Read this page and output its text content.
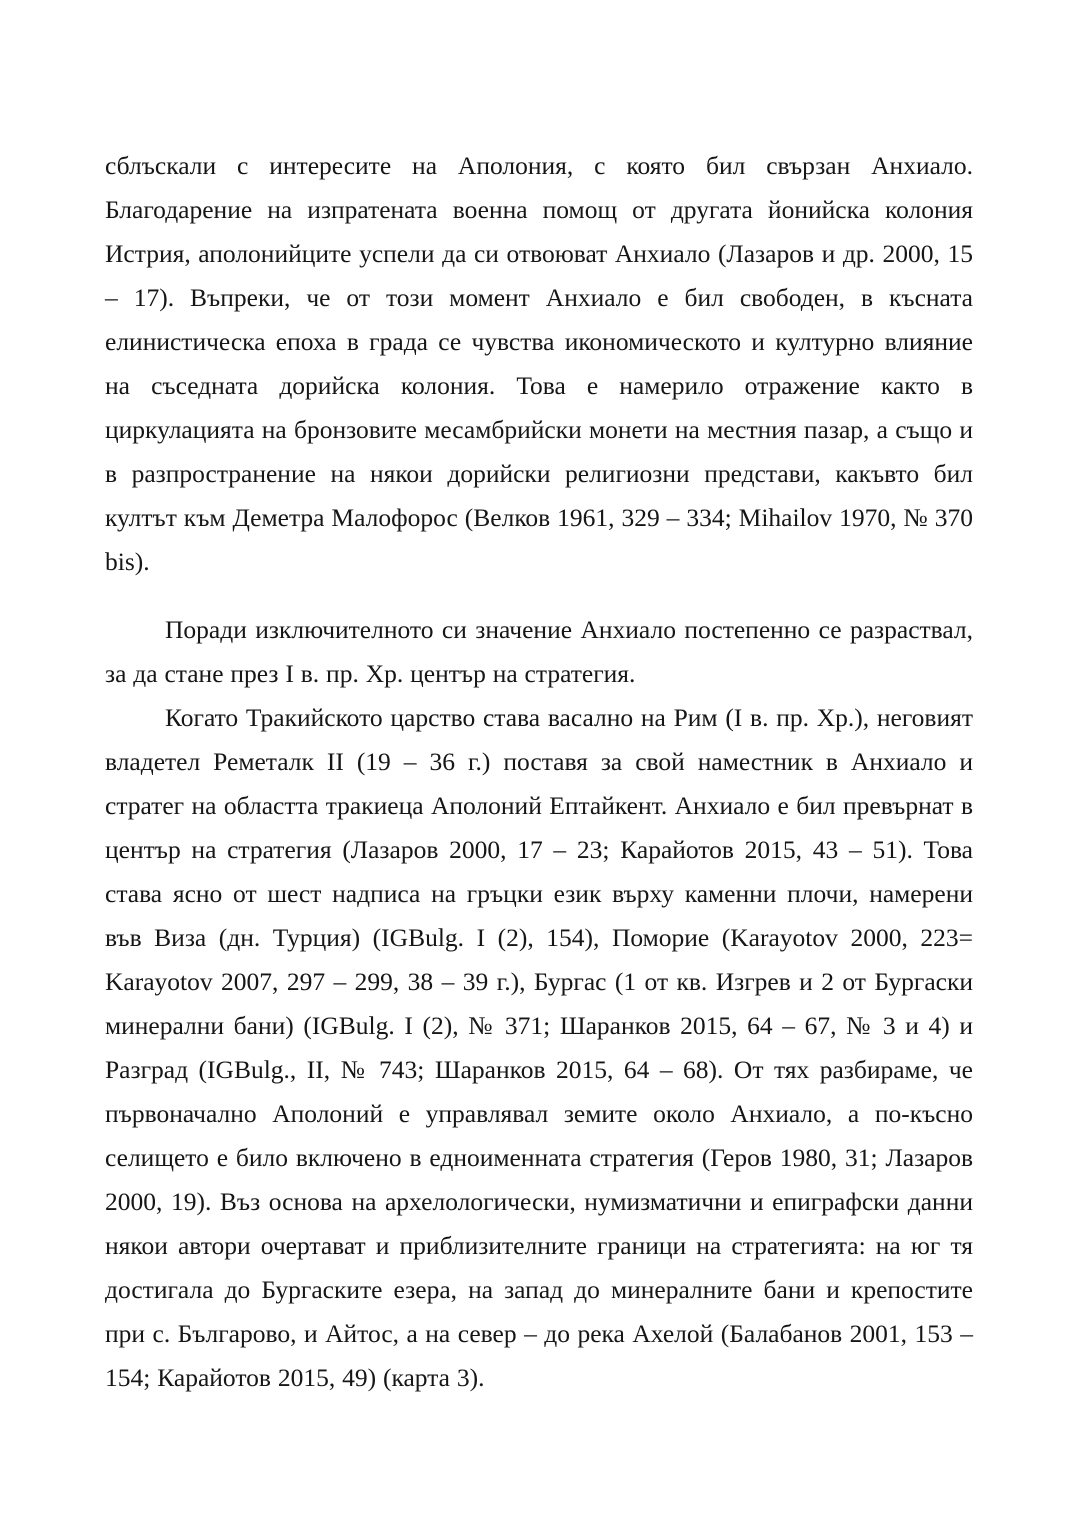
сблъскали с интересите на Аполония, с която бил свързан Анхиало. Благодарение на изпратената военна помощ от другата йонийска колония Истрия, аполонийците успели да си отвоюват Анхиало (Лазаров и др. 2000, 15 – 17). Въпреки, че от този момент Анхиало е бил свободен, в късната елинистическа епоха в града се чувства икономическото и културно влияние на съседната дорийска колония. Това е намерило отражение както в циркулацията на бронзовите месамбрийски монети на местния пазар, а също и в разпространение на някои дорийски религиозни представи, какъвто бил култът към Деметра Малофорос (Велков 1961, 329 – 334; Mihailov 1970, № 370 bis).

Поради изключителното си значение Анхиало постепенно се разраствал, за да стане през I в. пр. Хр. център на стратегия.

Когато Тракийското царство става васално на Рим (I в. пр. Хр.), неговият владетел Реметалк II (19 – 36 г.) поставя за свой наместник в Анхиало и стратег на областта тракиеца Аполоний Ептайкент. Анхиало е бил превърнат в център на стратегия (Лазаров 2000, 17 – 23; Карайотов 2015, 43 – 51). Това става ясно от шест надписа на гръцки език върху каменни плочи, намерени във Виза (дн. Турция) (IGBulg. I (2), 154), Поморие (Karayotov 2000, 223= Karayotov 2007, 297 – 299, 38 – 39 г.), Бургас (1 от кв. Изгрев и 2 от Бургаски минерални бани) (IGBulg. I (2), № 371; Шаранков 2015, 64 – 67, № 3 и 4) и Разград (IGBulg., II, № 743; Шаранков 2015, 64 – 68). От тях разбираме, че първоначално Аполоний е управлявал земите около Анхиало, а по-късно селището е било включено в едноименната стратегия (Геров 1980, 31; Лазаров 2000, 19). Въз основа на архелологически, нумизматични и епиграфски данни някои автори очертават и приблизителните граници на стратегията: на юг тя достигала до Бургаските езера, на запад до минералните бани и крепостите при с. Българово, и Айтос, а на север – до река Ахелой (Балабанов 2001, 153 – 154; Карайотов 2015, 49) (карта 3).
